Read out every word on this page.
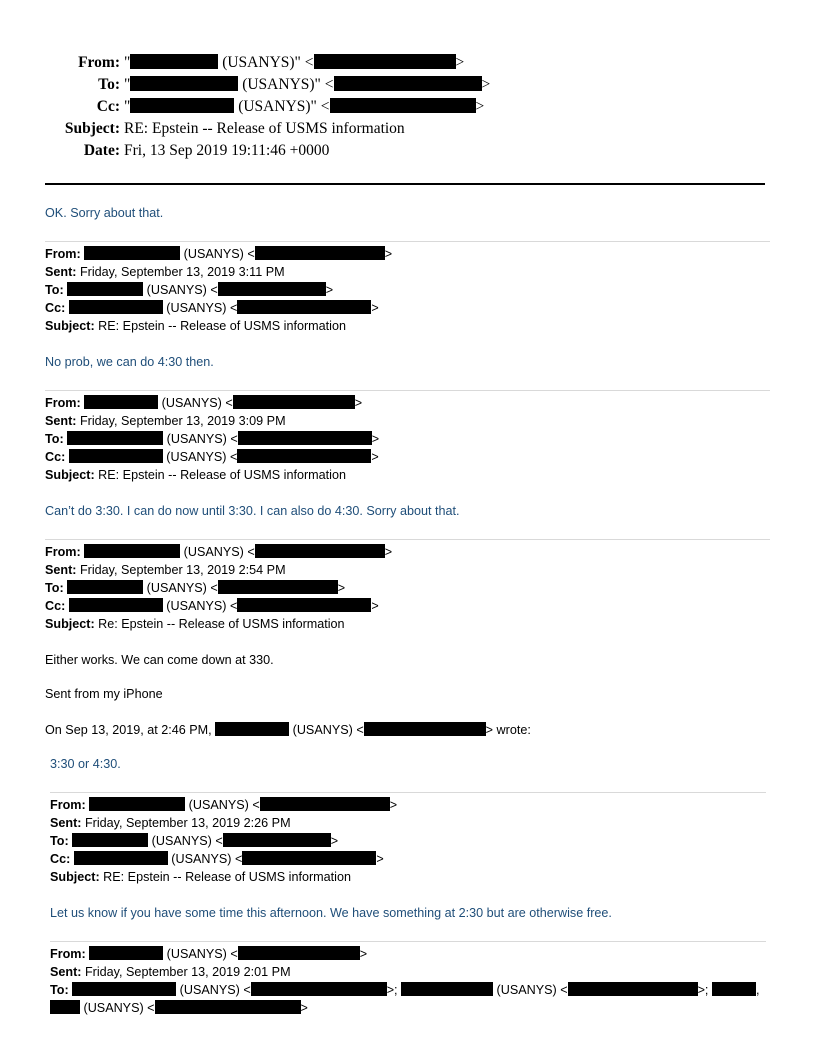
From: "	(USANYS)" <	>
To: "	(USANYS)" <	>
Cc: "	(USANYS)" <	>
Subject: RE: Epstein -- Release of USMS information
Date: Fri, 13 Sep 2019 19:11:46 +0000
OK. Sorry about that.
From:	(USANYS) <	>
Sent: Friday, September 13, 2019 3:11 PM
To:	(USANYS) <	>
Cc:	(USANYS) <	>
Subject: RE: Epstein -- Release of USMS information
No prob, we can do 4:30 then.
From:	(USANYS) <	>
Sent: Friday, September 13, 2019 3:09 PM
To:	(USANYS) <	>
Cc:	(USANYS) <	>
Subject: RE: Epstein -- Release of USMS information
Can’t do 3:30. I can do now until 3:30. I can also do 4:30. Sorry about that.
From:	(USANYS) <	>
Sent: Friday, September 13, 2019 2:54 PM
To:	(USANYS) <	>
Cc:	(USANYS) <	>
Subject: Re: Epstein -- Release of USMS information
Either works. We can come down at 330.
Sent from my iPhone
On Sep 13, 2019, at 2:46 PM,	(USANYS) <	> wrote:
3:30 or 4:30.
From:	(USANYS) <	>
Sent: Friday, September 13, 2019 2:26 PM
To:	(USANYS) <	>
Cc:	(USANYS) <	>
Subject: RE: Epstein -- Release of USMS information
Let us know if you have some time this afternoon. We have something at 2:30 but are otherwise free.
From:	(USANYS) <	>
Sent: Friday, September 13, 2019 2:01 PM
To:	(USANYS) <	>;	(USANYS) <	>;	,
(USANYS) <	>
